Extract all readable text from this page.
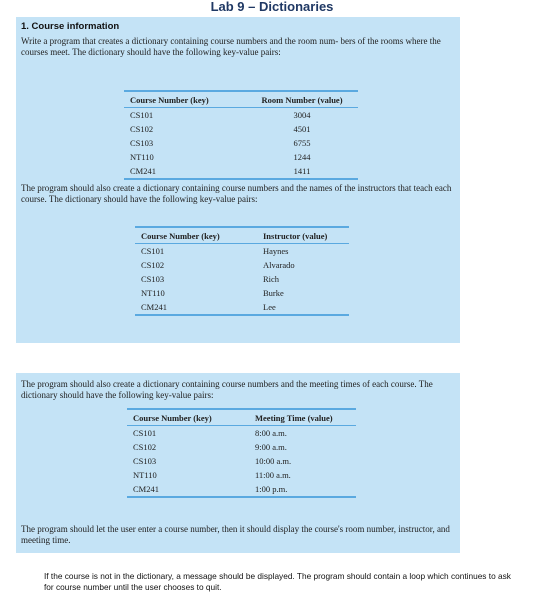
Lab 9 – Dictionaries
1. Course information
Write a program that creates a dictionary containing course numbers and the room num- bers of the rooms where the courses meet. The dictionary should have the following key-value pairs:
Course Number (key)	Room Number (value)
CS101	3004
CS102	4501
CS103	6755
NT110	1244
CM241	1411
The program should also create a dictionary containing course numbers and the names of the instructors that teach each course. The dictionary should have the following key-value pairs:
Course Number (key)	Instructor (value)
CS101	Haynes
CS102	Alvarado
CS103	Rich
NT110	Burke
CM241	Lee
The program should also create a dictionary containing course numbers and the meeting times of each course. The dictionary should have the following key-value pairs:
Course Number (key)	Meeting Time (value)
CS101	8:00 a.m.
CS102	9:00 a.m.
CS103	10:00 a.m.
NT110	11:00 a.m.
CM241	1:00 p.m.
The program should let the user enter a course number, then it should display the course's room number, instructor, and meeting time.
If the course is not in the dictionary, a message should be displayed. The program should contain a loop which continues to ask for course number until the user chooses to quit.
